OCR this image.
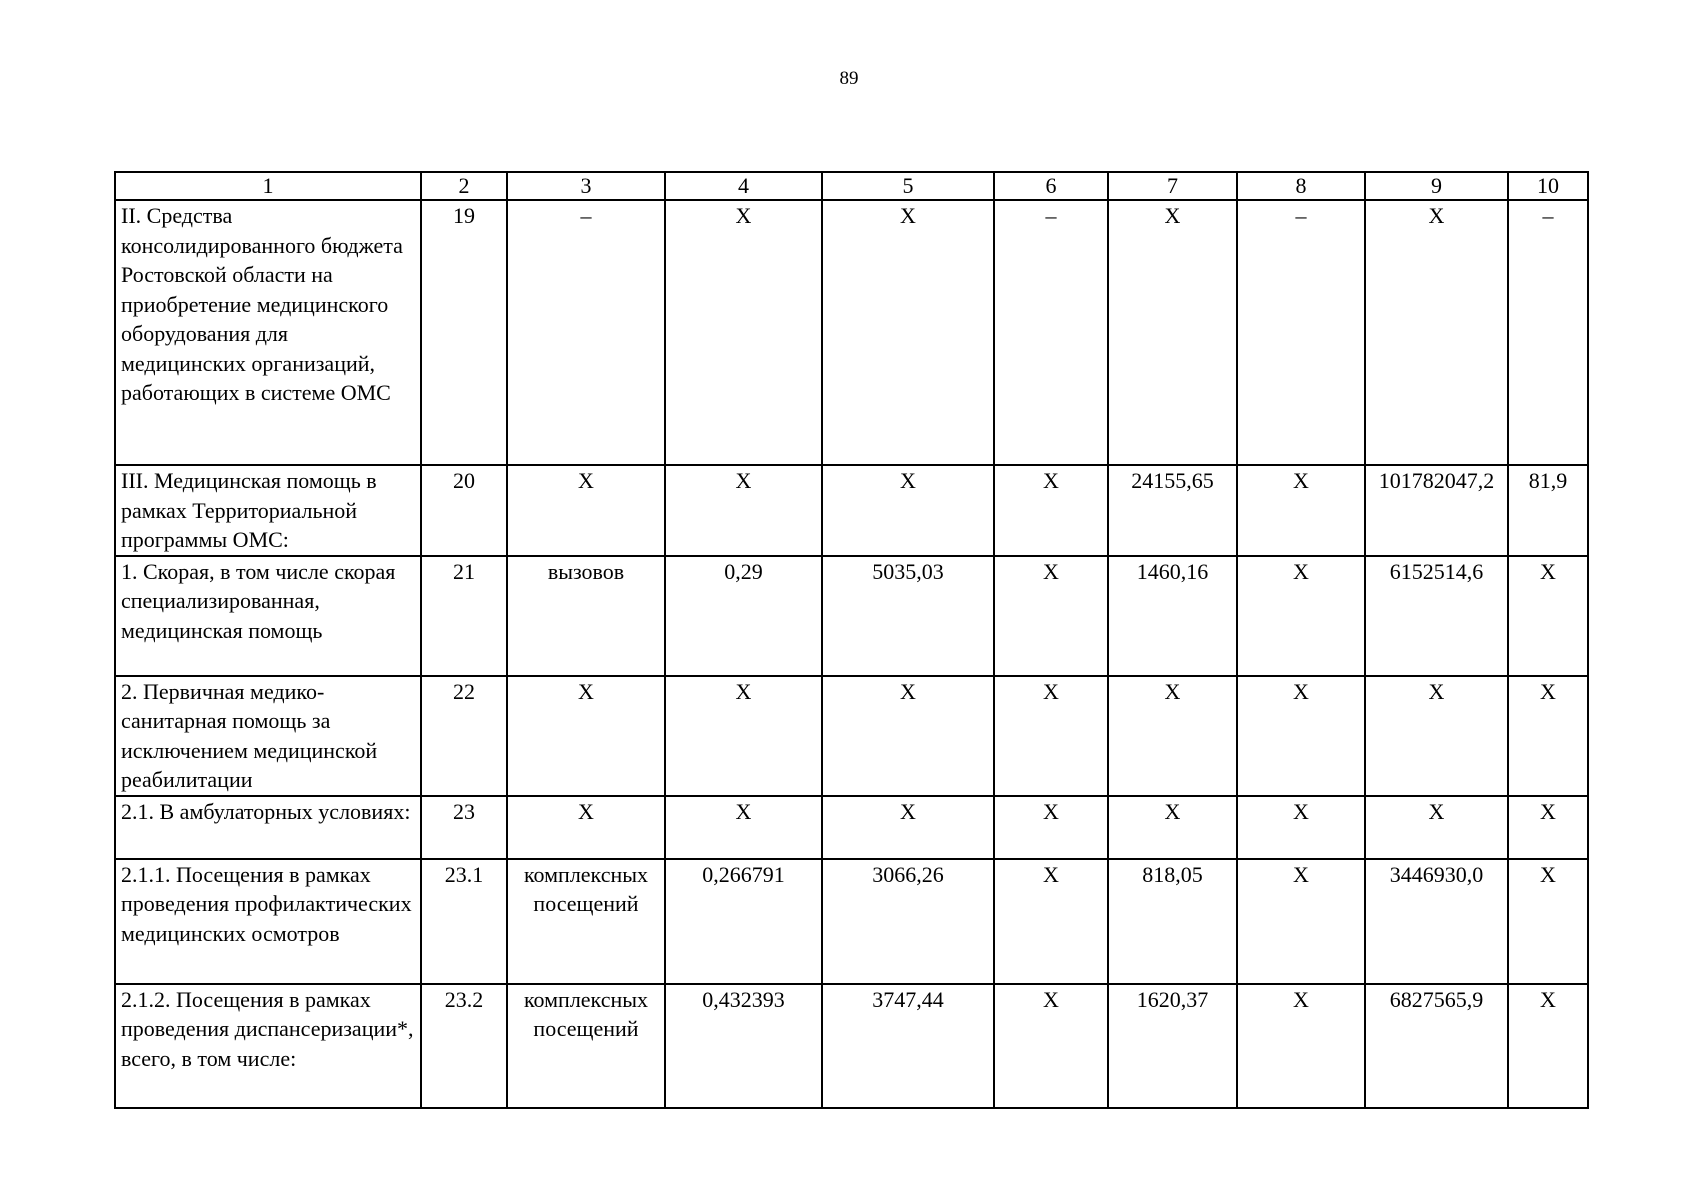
89
1	2	3	4	5	6	7	8	9	10
II. Средства консолидированного бюджета Ростовской области на приобретение медицинского оборудования для медицинских организаций, работающих в системе ОМС	19	–	Х	Х	–	Х	–	Х	–
III. Медицинская помощь в рамках Территориальной программы ОМС:	20	Х	Х	Х	Х	24155,65	Х	101782047,2	81,9
1. Скорая, в том числе скорая специализированная, медицинская помощь	21	вызовов	0,29	5035,03	Х	1460,16	Х	6152514,6	Х
2. Первичная медико-санитарная помощь за исключением медицинской реабилитации	22	Х	Х	Х	Х	Х	Х	Х	Х
2.1. В амбулаторных условиях:	23	Х	Х	Х	Х	Х	Х	Х	Х
2.1.1. Посещения в рамках проведения профилактических медицинских осмотров	23.1	комплексных посещений	0,266791	3066,26	Х	818,05	Х	3446930,0	Х
2.1.2. Посещения в рамках проведения диспансеризации*, всего, в том числе:	23.2	комплексных посещений	0,432393	3747,44	Х	1620,37	Х	6827565,9	Х
